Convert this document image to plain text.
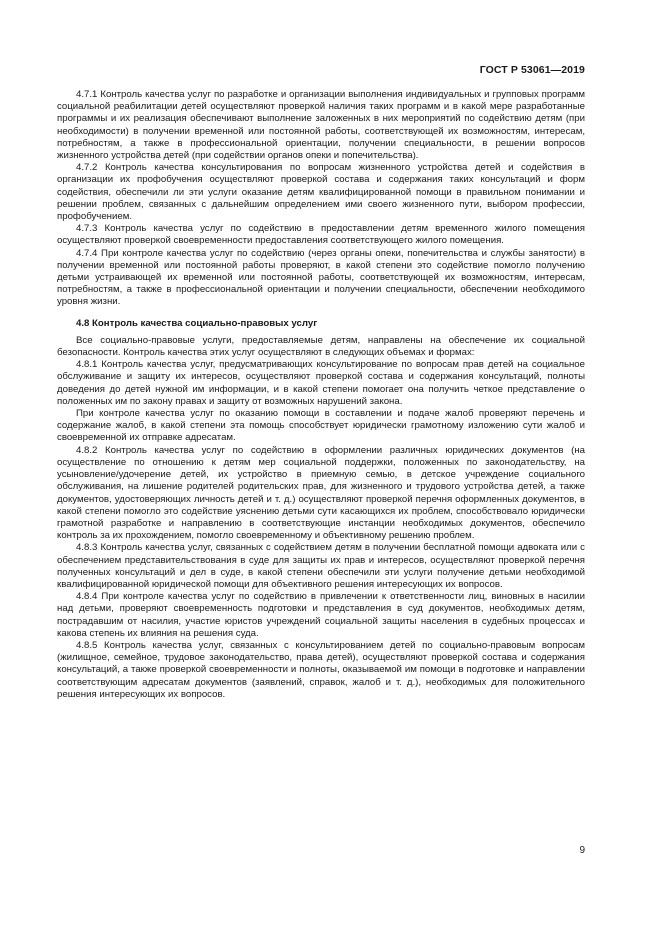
ГОСТ Р 53061—2019

4.7.1 Контроль качества услуг по разработке и организации выполнения индивидуальных и групповых программ социальной реабилитации детей осуществляют проверкой наличия таких программ и в какой мере разработанные программы и их реализация обеспечивают выполнение заложенных в них мероприятий по содействию детям (при необходимости) в получении временной или постоянной работы, соответствующей их возможностям, интересам, потребностям, а также в профессиональной ориентации, получении специальности, в решении вопросов жизненного устройства детей (при содействии органов опеки и попечительства).

4.7.2 Контроль качества консультирования по вопросам жизненного устройства детей и содействия в организации их профобучения осуществляют проверкой состава и содержания таких консультаций и форм содействия, обеспечили ли эти услуги оказание детям квалифицированной помощи в правильном понимании и решении проблем, связанных с дальнейшим определением ими своего жизненного пути, выбором профессии, профобучением.

4.7.3 Контроль качества услуг по содействию в предоставлении детям временного жилого помещения осуществляют проверкой своевременности предоставления соответствующего жилого помещения.

4.7.4 При контроле качества услуг по содействию (через органы опеки, попечительства и службы занятости) в получении временной или постоянной работы проверяют, в какой степени это содействие помогло получению детьми устраивающей их временной или постоянной работы, соответствующей их возможностям, интересам, потребностям, а также в профессиональной ориентации и получении специальности, обеспечении необходимого уровня жизни.

4.8 Контроль качества социально-правовых услуг

Все социально-правовые услуги, предоставляемые детям, направлены на обеспечение их социальной безопасности. Контроль качества этих услуг осуществляют в следующих объемах и формах:

4.8.1 Контроль качества услуг, предусматривающих консультирование по вопросам прав детей на социальное обслуживание и защиту их интересов, осуществляют проверкой состава и содержания консультаций, полноты доведения до детей нужной им информации, и в какой степени помогает она получить четкое представление о положенных им по закону правах и защиту от возможных нарушений закона.

При контроле качества услуг по оказанию помощи в составлении и подаче жалоб проверяют перечень и содержание жалоб, в какой степени эта помощь способствует юридически грамотному изложению сути жалоб и своевременной их отправке адресатам.

4.8.2 Контроль качества услуг по содействию в оформлении различных юридических документов (на осуществление по отношению к детям мер социальной поддержки, положенных по законодательству, на усыновление/удочерение детей, их устройство в приемную семью, в детское учреждение социального обслуживания, на лишение родителей родительских прав, для жизненного и трудового устройства детей, а также документов, удостоверяющих личность детей и т. д.) осуществляют проверкой перечня оформленных документов, в какой степени помогло это содействие уяснению детьми сути касающихся их проблем, способствовало юридически грамотной разработке и направлению в соответствующие инстанции необходимых документов, обеспечило контроль за их прохождением, помогло своевременному и объективному решению проблем.

4.8.3 Контроль качества услуг, связанных с содействием детям в получении бесплатной помощи адвоката или с обеспечением представительствования в суде для защиты их прав и интересов, осуществляют проверкой перечня полученных консультаций и дел в суде, в какой степени обеспечили эти услуги получение детьми необходимой квалифицированной юридической помощи для объективного решения интересующих их вопросов.

4.8.4 При контроле качества услуг по содействию в привлечении к ответственности лиц, виновных в насилии над детьми, проверяют своевременность подготовки и представления в суд документов, необходимых детям, пострадавшим от насилия, участие юристов учреждений социальной защиты населения в судебных процессах и какова степень их влияния на решения суда.

4.8.5 Контроль качества услуг, связанных с консультированием детей по социально-правовым вопросам (жилищное, семейное, трудовое законодательство, права детей), осуществляют проверкой состава и содержания консультаций, а также проверкой своевременности и полноты, оказываемой им помощи в подготовке и направлении соответствующим адресатам документов (заявлений, справок, жалоб и т. д.), необходимых для положительного решения интересующих их вопросов.

9
